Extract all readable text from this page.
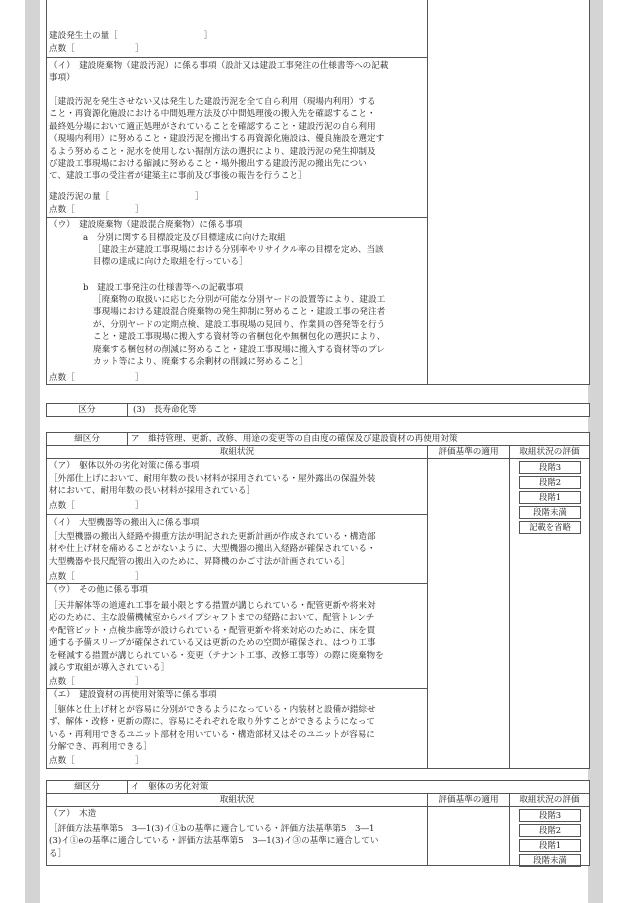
建設発生土の量［　　　　　　　　　　］

点数［　　　　　　　］

（イ）　建設廃棄物（建設汚泥）に係る事項（設計又は建設工事発注の仕様書等への記載

事項）

［建設汚泥を発生させない又は発生した建設汚泥を全て自ら利用（現場内利用）する

こと・再資源化施設における中間処理方法及び中間処理後の搬入先を確認すること・

最終処分場において適正処理がされていることを確認すること・建設汚泥の自ら利用

（現場内利用）に努めること・建設汚泥を搬出する再資源化施設は、優良施設を選定す

るよう努めること・泥水を使用しない掘削方法の選択により、建設汚泥の発生抑制及

び建設工事現場における縮減に努めること・場外搬出する建設汚泥の搬出先につい

て、建設工事の受注者が建築主に事前及び事後の報告を行うこと］

建設汚泥の量［　　　　　　　　　　］

点数［　　　　　　　］

（ウ）　建設廃棄物（建設混合廃棄物）に係る事項

a　分別に関する目標設定及び目標達成に向けた取組

［建設主が建設工事現場における分別率やリサイクル率の目標を定め、当該

目標の達成に向けた取組を行っている］

b　建設工事発注の仕様書等への記載事項

［廃棄物の取扱いに応じた分別が可能な分別ヤードの設置等により、建設工

事現場における建設混合廃棄物の発生抑制に努めること・建設工事の発注者

が、分別ヤードの定期点検、建設工事現場の見回り、作業員の啓発等を行う

こと・建設工事現場に搬入する資材等の省梱包化や無梱包化の選択により、

廃棄する梱包材の削減に努めること・建設工事現場に搬入する資材等のプレ

カット等により、廃棄する余剰材の削減に努めること］

点数［　　　　　　　］

区分	(3)　長寿命化等

細区分	ア　維持管理、更新、改修、用途の変更等の自由度の確保及び建設資材の再使用対策

取組状況	評価基準の適用	取組状況の評価

段階3
段階2
段階1
段階未満
記載を省略

（ア）　躯体以外の劣化対策に係る事項

［外部仕上げにおいて、耐用年数の長い材料が採用されている・屋外露出の保温外装

材において、耐用年数の長い材料が採用されている］

点数［　　　　　　　］

（イ）　大型機器等の搬出入に係る事項

［大型機器の搬出入経路や揚重方法が明記された更新計画が作成されている・構造部

材や仕上げ材を痛めることがないように、大型機器の搬出入経路が確保されている・

大型機器や長尺配管の搬出入のために、昇降機のかご寸法が計画されている］

点数［　　　　　　　］

（ウ）　その他に係る事項

［天井解体等の道連れ工事を最小限とする措置が講じられている・配管更新や将来対

応のために、主な設備機械室からパイプシャフトまでの経路において、配管トレンチ

や配管ピット・点検歩廊等が設けられている・配管更新や将来対応のために、床を貫

通する予備スリーブが確保されている又は更新のための空間が確保され、はつり工事

を軽減する措置が講じられている・変更（テナント工事、改修工事等）の際に廃棄物を

減らす取組が導入されている］

点数［　　　　　　　］

（エ）　建設資材の再使用対策等に係る事項

［躯体と仕上げ材とが容易に分別ができるようになっている・内装材と設備が錯綜せ

ず、解体・改修・更新の際に、容易にそれぞれを取り外すことができるようになって

いる・再利用できるユニット部材を用いている・構造部材又はそのユニットが容易に

分解でき、再利用できる］

点数［　　　　　　　］

細区分	イ　躯体の劣化対策

取組状況	評価基準の適用	取組状況の評価

段階3
段階2
段階1
段階未満

（ア）　木造

［評価方法基準第5　3―1(3)イ①bの基準に適合している・評価方法基準第5　3―1

(3)イ①eの基準に適合している・評価方法基準第5　3―1(3)イ③の基準に適合してい

る］
